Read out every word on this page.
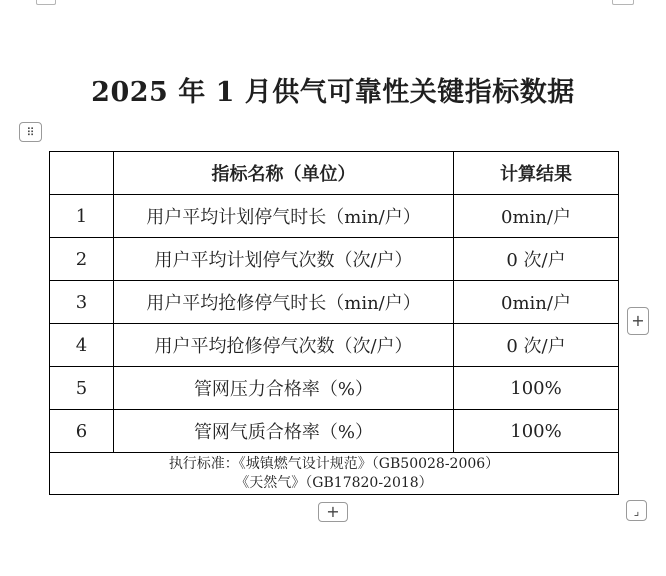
2025 年 1 月供气可靠性关键指标数据
⠿
	指标名称（单位）	计算结果
1	用户平均计划停气时长（min/户）	0min/户
2	用户平均计划停气次数（次/户）	0 次/户
3	用户平均抢修停气时长（min/户）	0min/户
4	用户平均抢修停气次数（次/户）	0 次/户
5	管网压力合格率（%）	100%
6	管网气质合格率（%）	100%

执行标准：《城镇燃气设计规范》（GB50028-2006）
《天然气》（GB17820-2018）		
+
+	⌟
